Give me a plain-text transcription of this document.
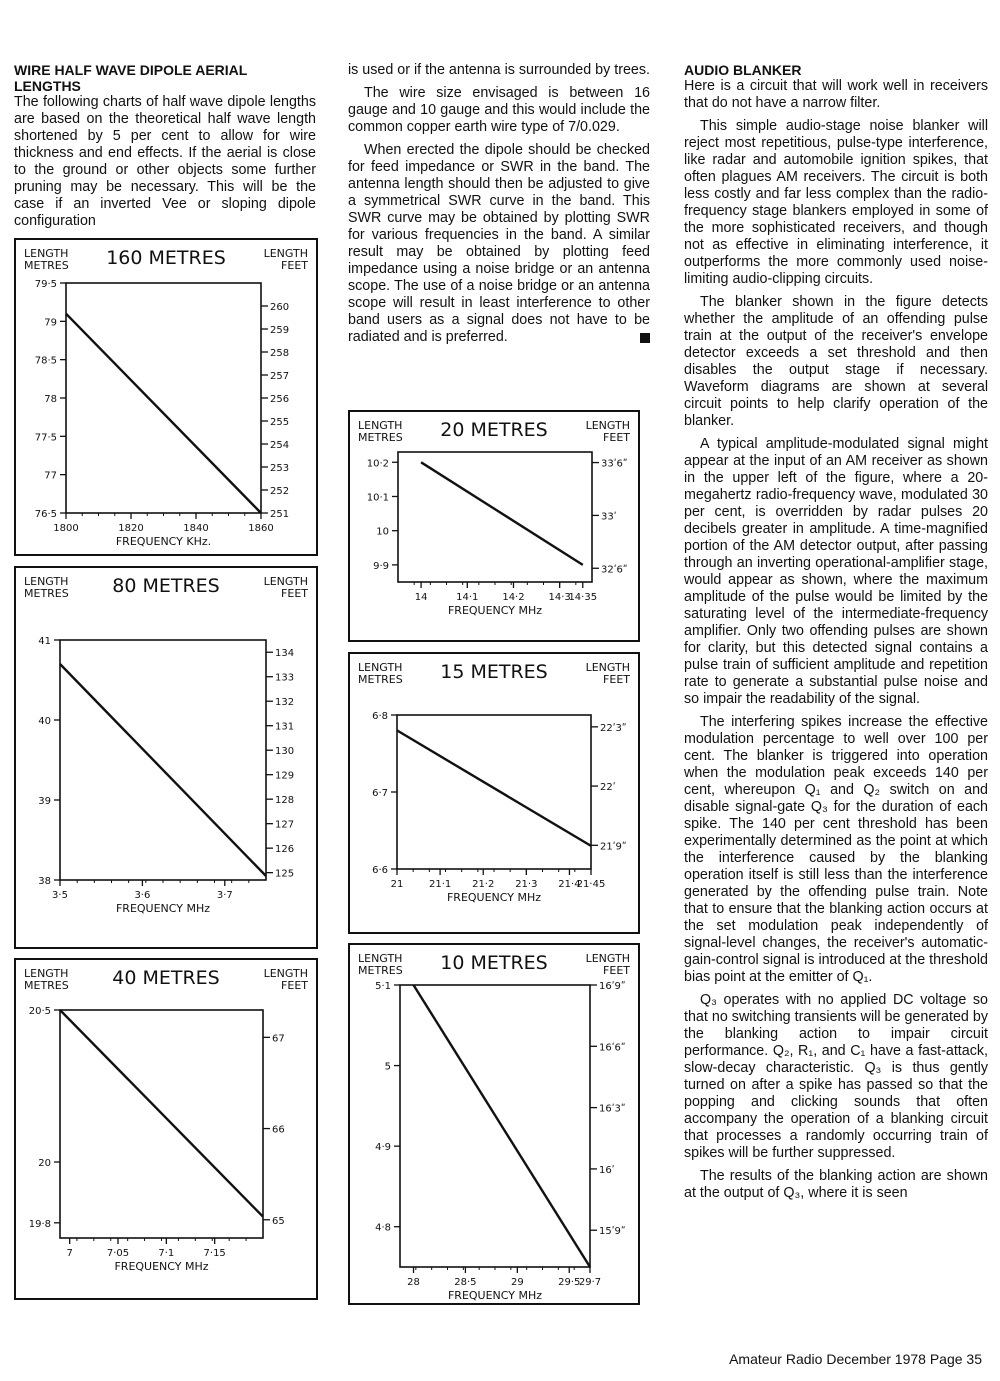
WIRE HALF WAVE DIPOLE AERIAL LENGTHS

The following charts of half wave dipole lengths are based on the theoretical half wave length shortened by 5 per cent to allow for wire thickness and end effects. If the aerial is close to the ground or other objects some further pruning may be necessary. This will be the case if an inverted Vee or sloping dipole configuration

is used or if the antenna is surrounded by trees.

The wire size envisaged is between 16 gauge and 10 gauge and this would include the common copper earth wire type of 7/0.029.

When erected the dipole should be checked for feed impedance or SWR in the band. The antenna length should then be adjusted to give a symmetrical SWR curve in the band. This SWR curve may be obtained by plotting SWR for various frequencies in the band. A similar result may be obtained by plotting feed impedance using a noise bridge or an antenna scope. The use of a noise bridge or an antenna scope will result in least interference to other band users as a signal does not have to be radiated and is preferred.

AUDIO BLANKER

Here is a circuit that will work well in receivers that do not have a narrow filter.

This simple audio-stage noise blanker will reject most repetitious, pulse-type interference, like radar and automobile ignition spikes, that often plagues AM receivers. The circuit is both less costly and far less complex than the radio-frequency stage blankers employed in some of the more sophisticated receivers, and though not as effective in eliminating interference, it outperforms the more commonly used noise-limiting audio-clipping circuits.

The blanker shown in the figure detects whether the amplitude of an offending pulse train at the output of the receiver's envelope detector exceeds a set threshold and then disables the output stage if necessary. Waveform diagrams are shown at several circuit points to help clarify operation of the blanker.

A typical amplitude-modulated signal might appear at the input of an AM receiver as shown in the upper left of the figure, where a 20-megahertz radio-frequency wave, modulated 30 per cent, is overridden by radar pulses 20 decibels greater in amplitude. A time-magnified portion of the AM detector output, after passing through an inverting operational-amplifier stage, would appear as shown, where the maximum amplitude of the pulse would be limited by the saturating level of the intermediate-frequency amplifier. Only two offending pulses are shown for clarity, but this detected signal contains a pulse train of sufficient amplitude and repetition rate to generate a substantial pulse noise and so impair the readability of the signal.

The interfering spikes increase the effective modulation percentage to well over 100 per cent. The blanker is triggered into operation when the modulation peak exceeds 140 per cent, whereupon Q₁ and Q₂ switch on and disable signal-gate Q₃ for the duration of each spike. The 140 per cent threshold has been experimentally determined as the point at which the interference caused by the blanking operation itself is still less than the interference generated by the offending pulse train. Note that to ensure that the blanking action occurs at the set modulation peak independently of signal-level changes, the receiver's automatic-gain-control signal is introduced at the threshold bias point at the emitter of Q₁.

Q₃ operates with no applied DC voltage so that no switching transients will be generated by the blanking action to impair circuit performance. Q₂, R₁, and C₁ have a fast-attack, slow-decay characteristic. Q₃ is thus gently turned on after a spike has passed so that the popping and clicking sounds that often accompany the operation of a blanking circuit that processes a randomly occurring train of spikes will be further suppressed.

The results of the blanking action are shown at the output of Q₃, where it is seen

LENGTH
METRES
LENGTH
FEET
160 METRES
1800	1820	1840	1860
FREQUENCY KHz.
76·5
77
77·5
78
78·5
79
79·5
251
252
253
254
255
256
257
258
259
260
LENGTH
METRES
LENGTH
FEET
80 METRES
3·5	3·6	3·7
FREQUENCY MHz
38
39
40
41
125
126
127
128
129
130
131
132
133
134
LENGTH
METRES
LENGTH
FEET
40 METRES
7	7·05	7·1	7·15
FREQUENCY MHz
19·8
20
20·5
65
66
67
LENGTH
METRES
LENGTH
FEET
20 METRES
14	14·1 14·2 14·3
14·35
FREQUENCY MHz
9·9
10
10·1
10·2
32ʹ6ʺ
33ʹ
33ʹ6ʺ
LENGTH
METRES
LENGTH
FEET
15 METRES
21	21·1 21·2 21·3 21·4
21·45
FREQUENCY MHz
6·6
6·7
6·8
21ʹ9ʺ
22ʹ
22ʹ3ʺ
LENGTH
METRES
LENGTH
FEET
10 METRES
28	28·5	29	29·5
29·7
FREQUENCY MHz
4·8
4·9
5
5·1
15ʹ9ʺ
16ʹ
16ʹ3ʺ
16ʹ6ʺ
16ʹ9ʺ
Amateur Radio December 1978 Page 35
